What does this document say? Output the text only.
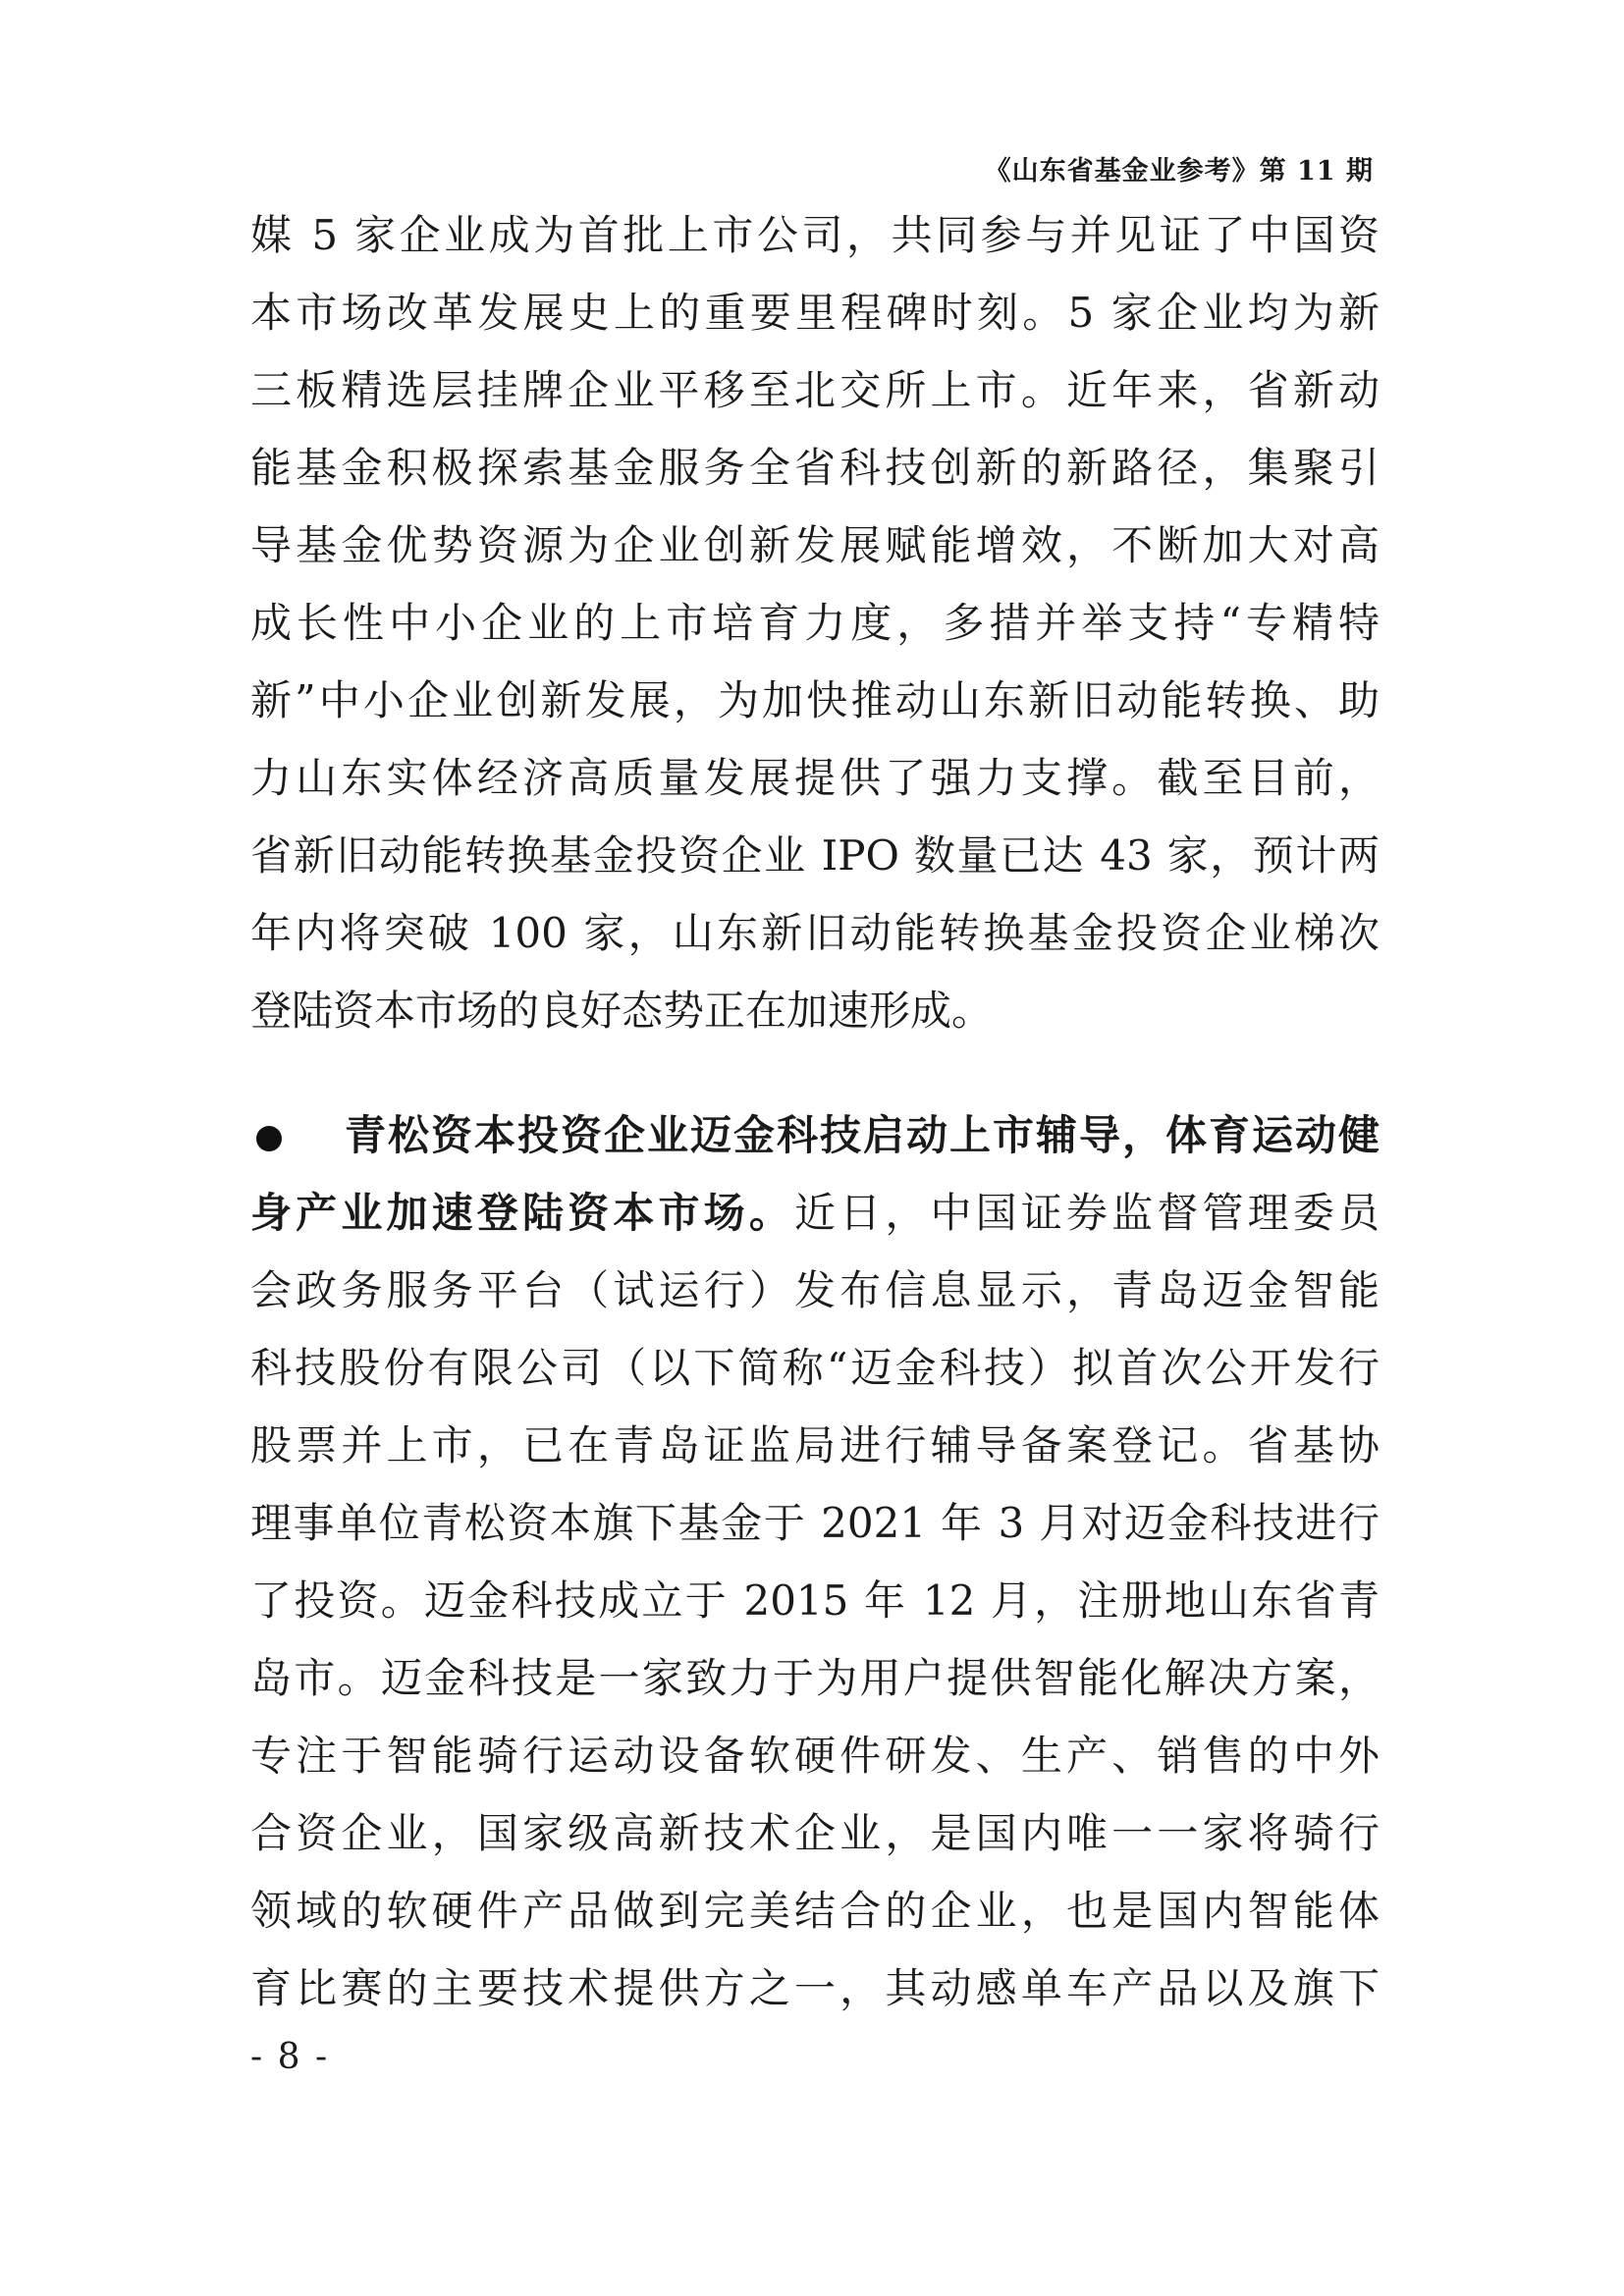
《山东省基金业参考》第 11 期
媒 5 家企业成为首批上市公司，共同参与并见证了中国资
本市场改革发展史上的重要里程碑时刻。5 家企业均为新
三板精选层挂牌企业平移至北交所上市。近年来，省新动
能基金积极探索基金服务全省科技创新的新路径，集聚引
导基金优势资源为企业创新发展赋能增效，不断加大对高
成长性中小企业的上市培育力度，多措并举支持“专精特
新”中小企业创新发展，为加快推动山东新旧动能转换、助
力山东实体经济高质量发展提供了强力支撑。截至目前，
省新旧动能转换基金投资企业 IPO 数量已达 43 家，预计两
年内将突破 100 家，山东新旧动能转换基金投资企业梯次
登陆资本市场的良好态势正在加速形成。
青松资本投资企业迈金科技启动上市辅导，体育运动健
身产业加速登陆资本市场。近日，中国证券监督管理委员
会政务服务平台（试运行）发布信息显示，青岛迈金智能
科技股份有限公司（以下简称“迈金科技）拟首次公开发行
股票并上市，已在青岛证监局进行辅导备案登记。省基协
理事单位青松资本旗下基金于 2021 年 3 月对迈金科技进行
了投资。迈金科技成立于 2015 年 12 月，注册地山东省青
岛市。迈金科技是一家致力于为用户提供智能化解决方案，
专注于智能骑行运动设备软硬件研发、生产、销售的中外
合资企业，国家级高新技术企业，是国内唯一一家将骑行
领域的软硬件产品做到完美结合的企业，也是国内智能体
育比赛的主要技术提供方之一，其动感单车产品以及旗下
- 8 -
